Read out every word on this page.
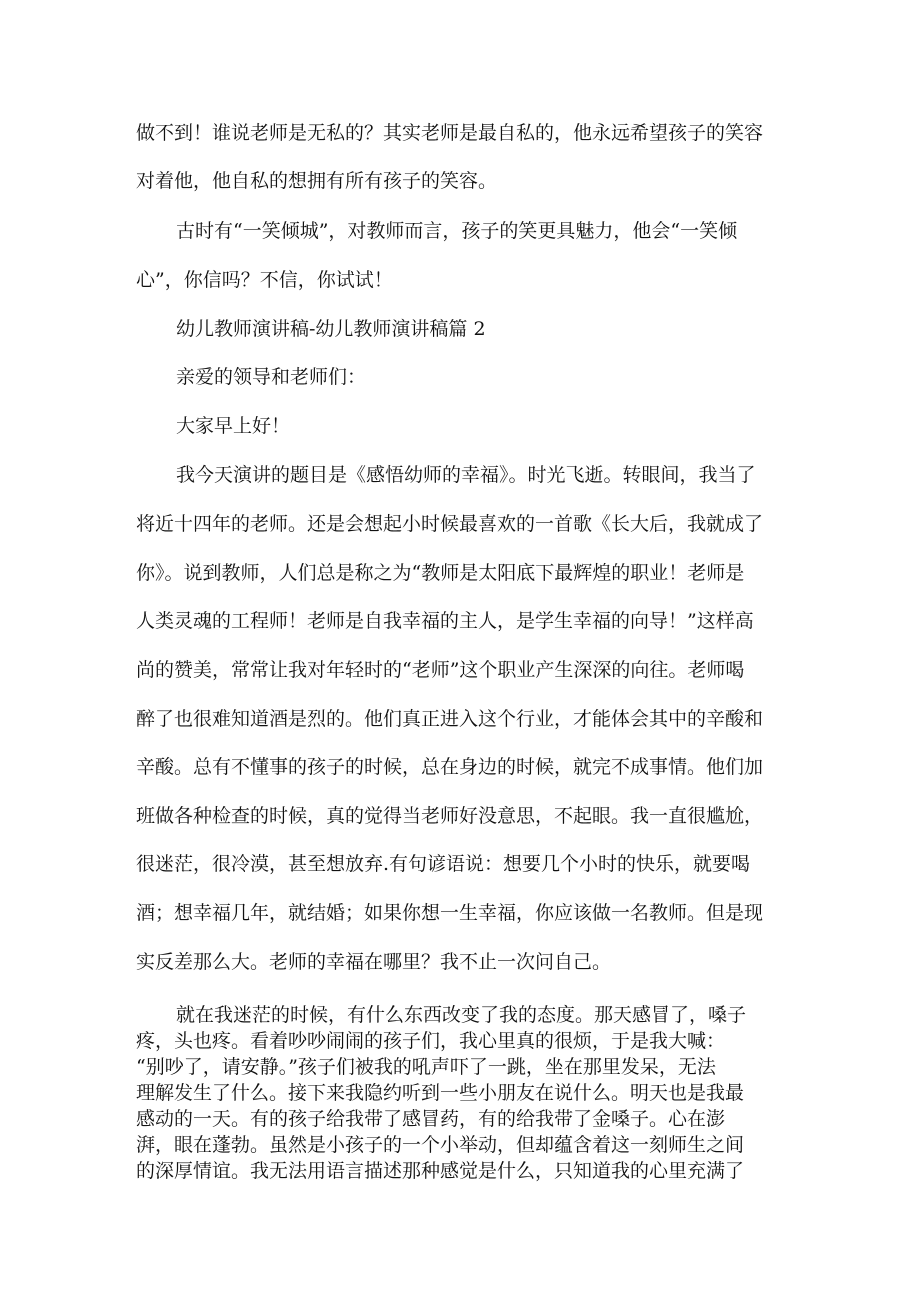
做不到！谁说老师是无私的？其实老师是最自私的，他永远希望孩子的笑容
对着他，他自私的想拥有所有孩子的笑容。
古时有“一笑倾城”，对教师而言，孩子的笑更具魅力，他会“一笑倾
心”，你信吗？不信，你试试！
幼儿教师演讲稿-幼儿教师演讲稿篇 2
亲爱的领导和老师们：
大家早上好！
我今天演讲的题目是《感悟幼师的幸福》。时光飞逝。转眼间，我当了
将近十四年的老师。还是会想起小时候最喜欢的一首歌《长大后，我就成了
你》。说到教师，人们总是称之为“教师是太阳底下最辉煌的职业！老师是
人类灵魂的工程师！老师是自我幸福的主人，是学生幸福的向导！”这样高
尚的赞美，常常让我对年轻时的“老师”这个职业产生深深的向往。老师喝
醉了也很难知道酒是烈的。他们真正进入这个行业，才能体会其中的辛酸和
辛酸。总有不懂事的孩子的时候，总在身边的时候，就完不成事情。他们加
班做各种检查的时候，真的觉得当老师好没意思，不起眼。我一直很尴尬，
很迷茫，很冷漠，甚至想放弃.有句谚语说：想要几个小时的快乐，就要喝
酒；想幸福几年，就结婚；如果你想一生幸福，你应该做一名教师。但是现
实反差那么大。老师的幸福在哪里？我不止一次问自己。
就在我迷茫的时候，有什么东西改变了我的态度。那天感冒了，嗓子
疼，头也疼。看着吵吵闹闹的孩子们，我心里真的很烦，于是我大喊：
“别吵了，请安静。”孩子们被我的吼声吓了一跳，坐在那里发呆，无法
理解发生了什么。接下来我隐约听到一些小朋友在说什么。明天也是我最
感动的一天。有的孩子给我带了感冒药，有的给我带了金嗓子。心在澎
湃，眼在蓬勃。虽然是小孩子的一个小举动，但却蕴含着这一刻师生之间
的深厚情谊。我无法用语言描述那种感觉是什么，只知道我的心里充满了
